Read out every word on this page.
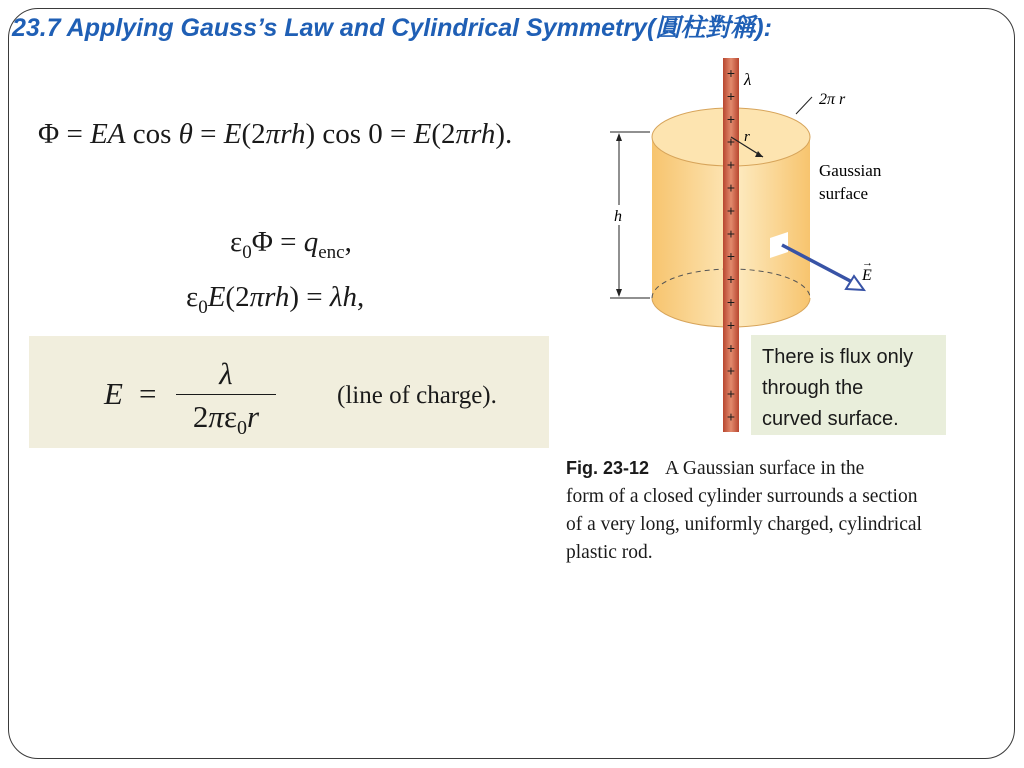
23.7 Applying Gauss’s Law and Cylindrical Symmetry(圓柱對稱):
Φ = EA cos θ = E(2πrh) cos 0 = E(2πrh).
$\varepsilon_0\Phi = q_{enc}$,
$\varepsilon_0E(2\pi rh) = \lambda h$,
E =
λ
$2\pi\varepsilon_0r$
(line of charge).
+
+
+
+
+
+
+
+
+
+
+
+
+
+
+
+
r
λ
2π r
Gaussian
surface
h
E
→
There is flux only
through the
curved surface.
Fig. 23-12 A Gaussian surface in the
form of a closed cylinder surrounds a section
of a very long, uniformly charged, cylindrical
plastic rod.
